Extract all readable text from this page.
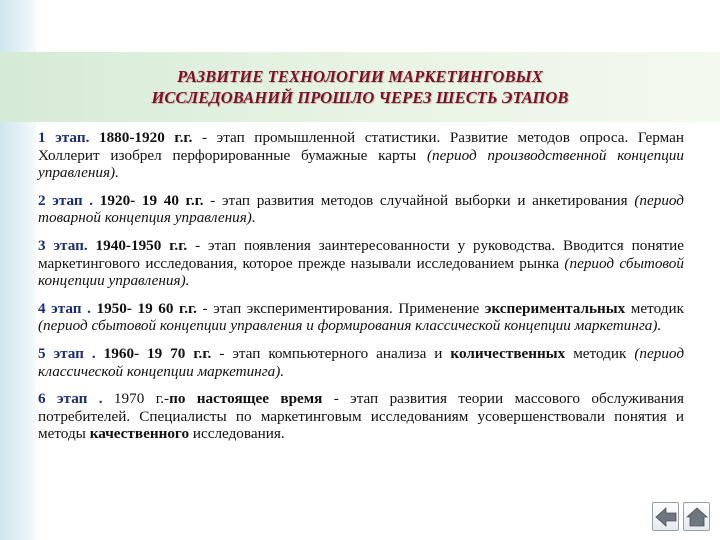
РАЗВИТИЕ ТЕХНОЛОГИИ МАРКЕТИНГОВЫХ
ИССЛЕДОВАНИЙ ПРОШЛО ЧЕРЕЗ ШЕСТЬ ЭТАПОВ
1 этап. 1880-1920 г.г. - этап промышленной статистики. Развитие методов опроса. Герман Холлерит изобрел перфорированные бумажные карты (период производственной концепции управления).
2 этап . 1920- 19 40 г.г. - этап развития методов случайной выборки и анкетирования (период товарной концепция управления).
3 этап. 1940-1950 г.г. - этап появления заинтересованности у руководства. Вводится понятие маркетингового исследования, которое прежде называли исследованием рынка (период сбытовой концепции управления).
4 этап . 1950- 19 60 г.г. - этап экспериментирования. Применение экспериментальных методик (период сбытовой концепции управления и формирования классической концепции маркетинга).
5 этап . 1960- 19 70 г.г. - этап компьютерного анализа и количественных методик (период классической концепции маркетинга).
6 этап . 1970 г.-по настоящее время - этап развития теории массового обслуживания потребителей. Специалисты по маркетинговым исследованиям усовершенствовали понятия и методы качественного исследования.
